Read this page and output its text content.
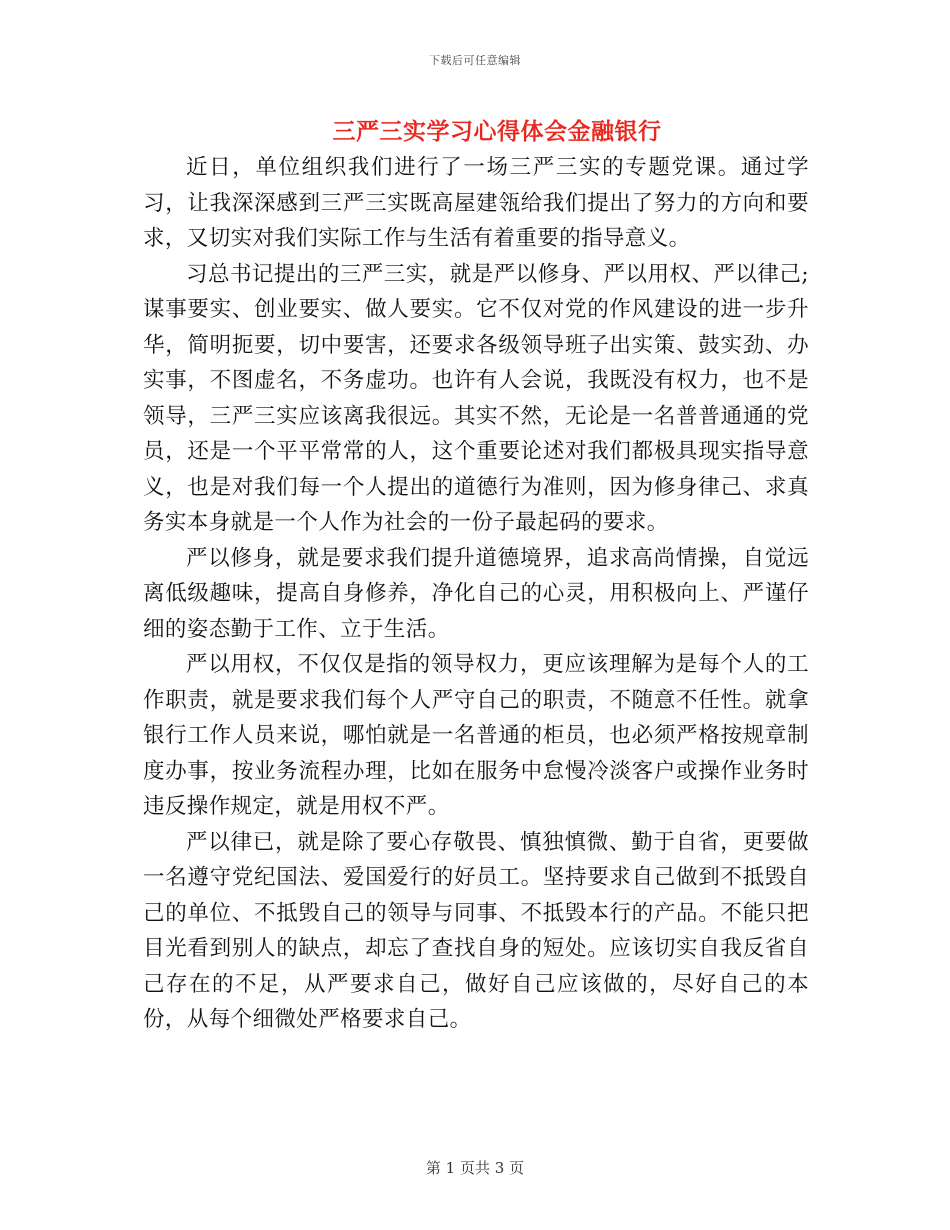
下载后可任意编辑
三严三实学习心得体会金融银行

近日，单位组织我们进行了一场三严三实的专题党课。通过学习，让我深深感到三严三实既高屋建瓴给我们提出了努力的方向和要求，又切实对我们实际工作与生活有着重要的指导意义。

习总书记提出的三严三实，就是严以修身、严以用权、严以律己;谋事要实、创业要实、做人要实。它不仅对党的作风建设的进一步升华，简明扼要，切中要害，还要求各级领导班子出实策、鼓实劲、办实事，不图虚名，不务虚功。也许有人会说，我既没有权力，也不是领导，三严三实应该离我很远。其实不然，无论是一名普普通通的党员，还是一个平平常常的人，这个重要论述对我们都极具现实指导意义，也是对我们每一个人提出的道德行为准则，因为修身律己、求真务实本身就是一个人作为社会的一份子最起码的要求。

严以修身，就是要求我们提升道德境界，追求高尚情操，自觉远离低级趣味，提高自身修养，净化自己的心灵，用积极向上、严谨仔细的姿态勤于工作、立于生活。

严以用权，不仅仅是指的领导权力，更应该理解为是每个人的工作职责，就是要求我们每个人严守自己的职责，不随意不任性。就拿银行工作人员来说，哪怕就是一名普通的柜员，也必须严格按规章制度办事，按业务流程办理，比如在服务中怠慢冷淡客户或操作业务时违反操作规定，就是用权不严。

严以律已，就是除了要心存敬畏、慎独慎微、勤于自省，更要做一名遵守党纪国法、爱国爱行的好员工。坚持要求自己做到不抵毁自己的单位、不抵毁自己的领导与同事、不抵毁本行的产品。不能只把目光看到别人的缺点，却忘了查找自身的短处。应该切实自我反省自己存在的不足，从严要求自己，做好自己应该做的，尽好自己的本份，从每个细微处严格要求自己。

第 1 页共 3 页
